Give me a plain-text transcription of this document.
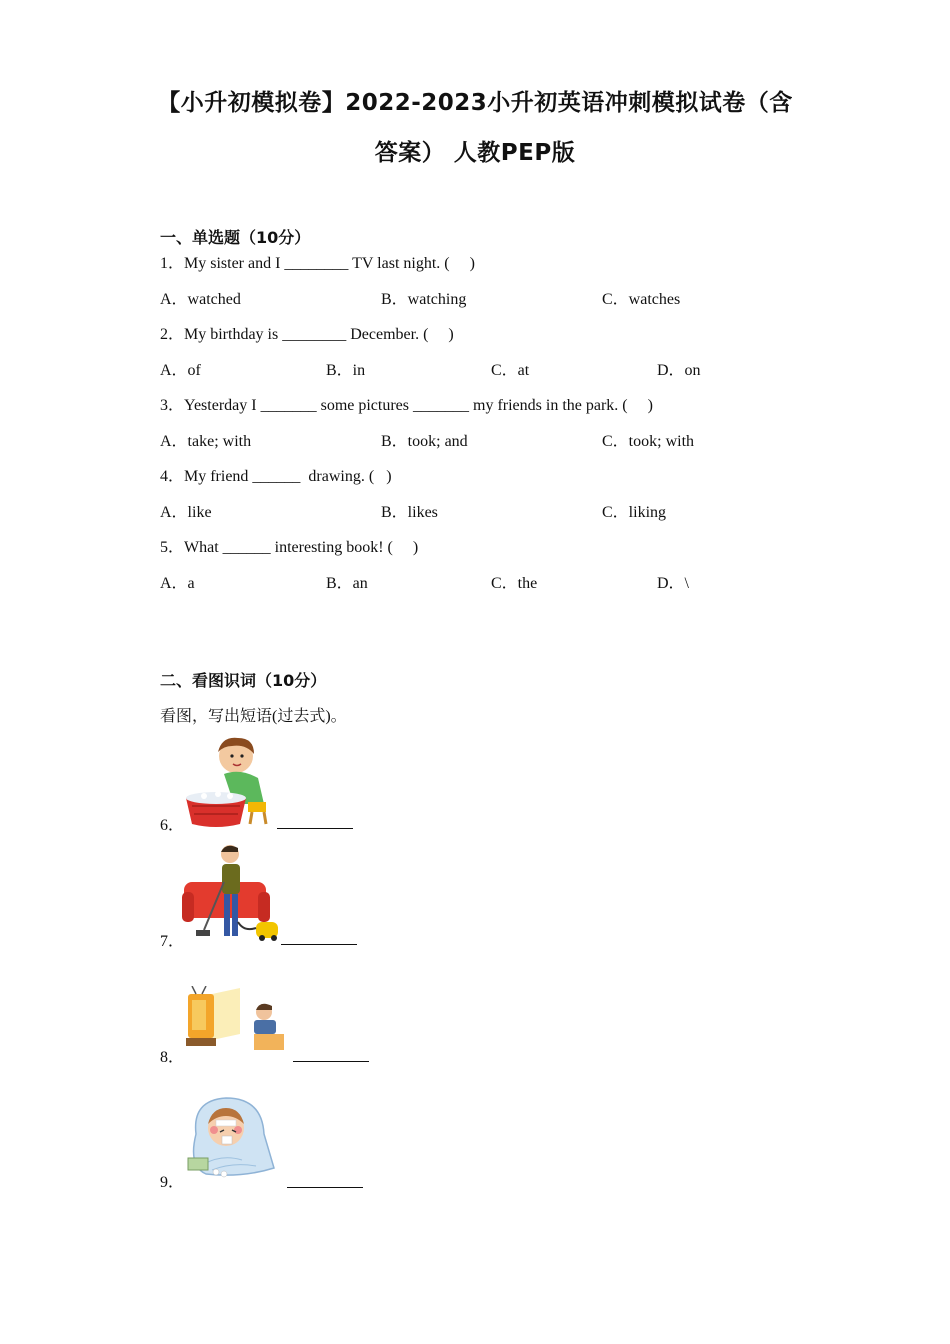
【小升初模拟卷】2022-2023小升初英语冲刺模拟试卷（含
答案） 人教PEP版
一、单选题（10分）
1．My sister and I ________ TV last night. (     )
A．watched	B．watching	C．watches
2．My birthday is ________ December. (     )
A．of	B．in	C．at	D．on
3．Yesterday I _______ some pictures _______ my friends in the park. (     )
A．take; with	B．took; and	C．took; with
4．My friend ______  drawing. (   )
A．like	B．likes	C．liking
5．What ______ interesting book! (     )
A．a	B．an	C．the	D．\
二、看图识词（10分）
看图，写出短语(过去式)。
6．
7．
8．
9．
